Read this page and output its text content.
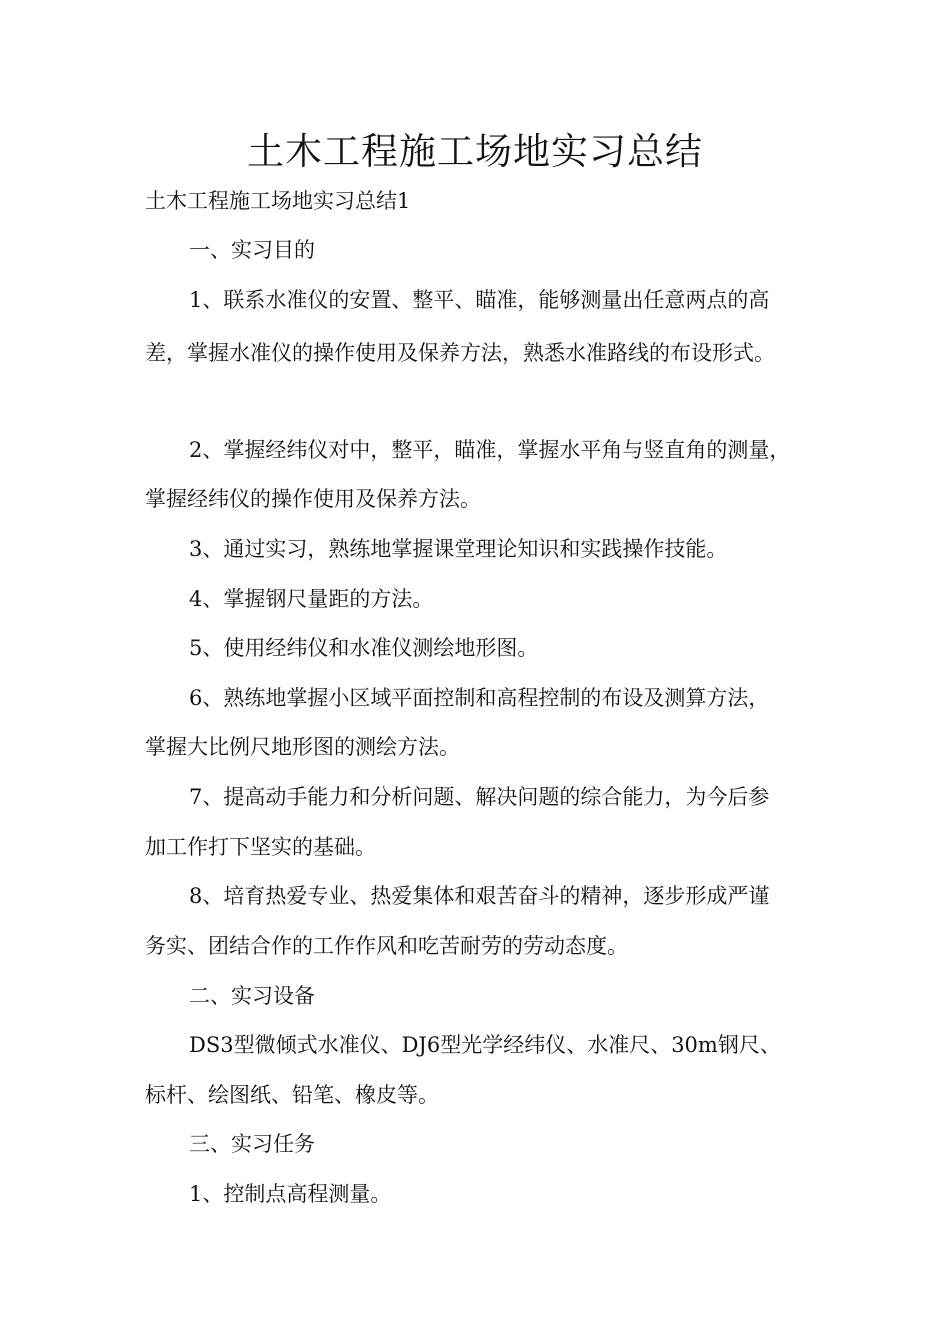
土木工程施工场地实习总结
土木工程施工场地实习总结1
一、实习目的
1、联系水准仪的安置、整平、瞄准，能够测量出任意两点的高
差，掌握水准仪的操作使用及保养方法，熟悉水准路线的布设形式。
2、掌握经纬仪对中，整平，瞄准，掌握水平角与竖直角的测量，
掌握经纬仪的操作使用及保养方法。
3、通过实习，熟练地掌握课堂理论知识和实践操作技能。
4、掌握钢尺量距的方法。
5、使用经纬仪和水准仪测绘地形图。
6、熟练地掌握小区域平面控制和高程控制的布设及测算方法，
掌握大比例尺地形图的测绘方法。
7、提高动手能力和分析问题、解决问题的综合能力，为今后参
加工作打下坚实的基础。
8、培育热爱专业、热爱集体和艰苦奋斗的精神，逐步形成严谨
务实、团结合作的工作作风和吃苦耐劳的劳动态度。
二、实习设备
DS3型微倾式水准仪、DJ6型光学经纬仪、水准尺、30m钢尺、
标杆、绘图纸、铅笔、橡皮等。
三、实习任务
1、控制点高程测量。
